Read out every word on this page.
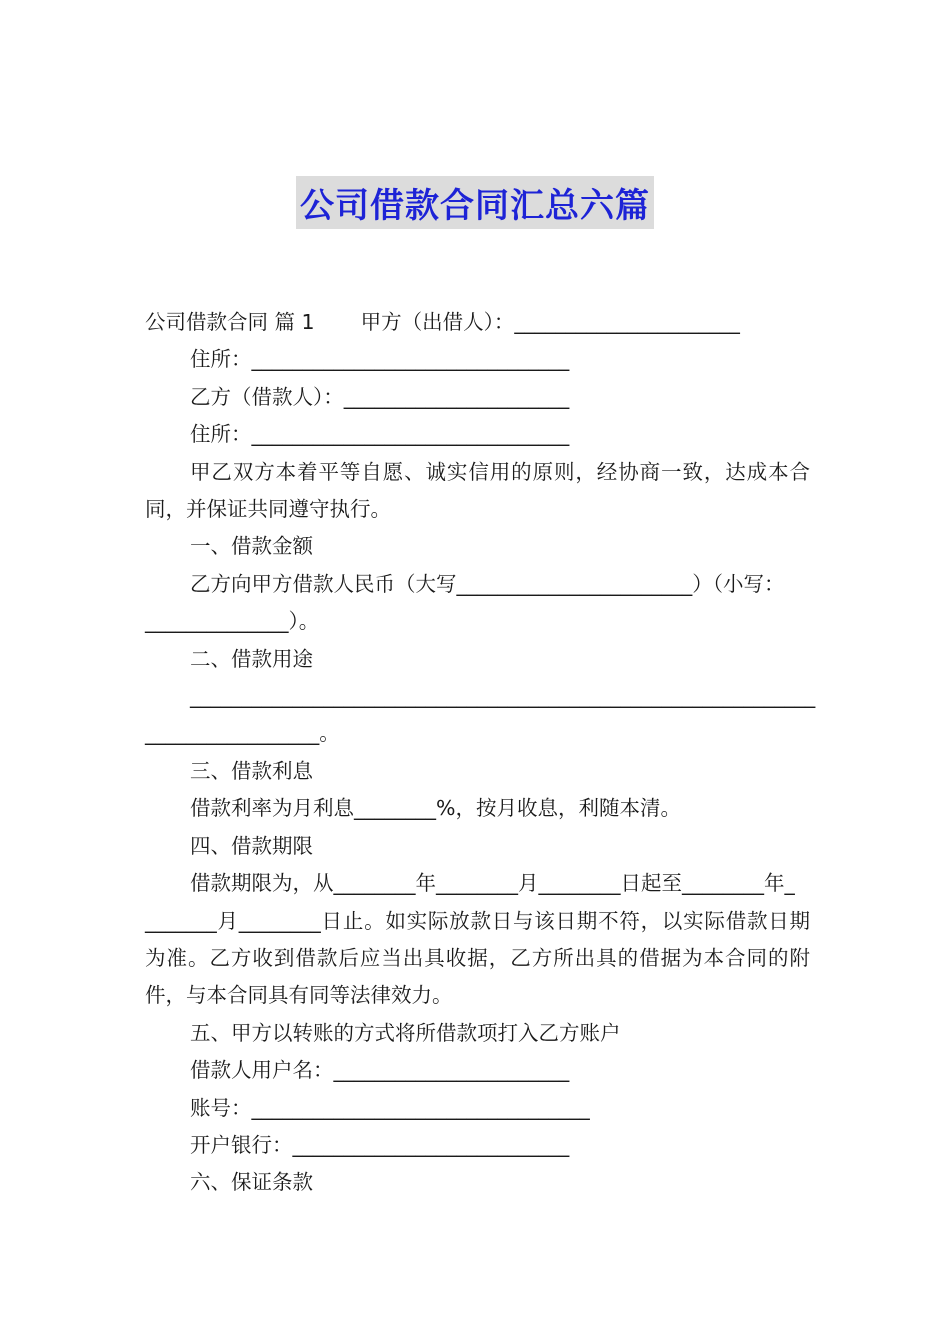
公司借款合同汇总六篇

公司借款合同 篇 1 甲方（出借人）：______________________

住所：_______________________________

乙方（借款人）：______________________

住所：_______________________________

甲乙双方本着平等自愿、诚实信用的原则，经协商一致，达成本合同，并保证共同遵守执行。

一、借款金额

乙方向甲方借款人民币（大写_______________________）（小写：

______________）。

二、借款用途

_____________________________________________________________

_________________。

三、借款利息

借款利率为月利息________%，按月收息，利随本清。

四、借款期限

借款期限为，从________年________月________日起至________年_

_______月________日止。如实际放款日与该日期不符，以实际借款日期为准。乙方收到借款后应当出具收据，乙方所出具的借据为本合同的附件，与本合同具有同等法律效力。

五、甲方以转账的方式将所借款项打入乙方账户

借款人用户名：_______________________

账号：_________________________________

开户银行：___________________________

六、保证条款
